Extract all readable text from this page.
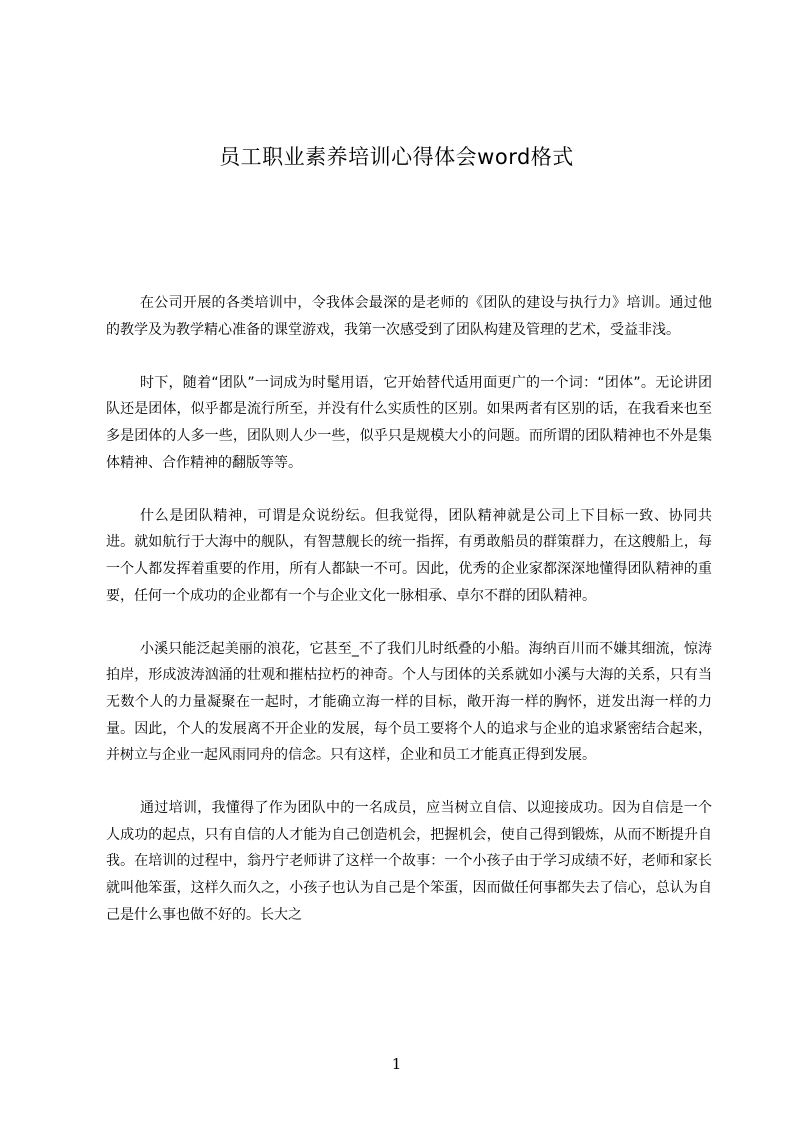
员工职业素养培训心得体会word格式

在公司开展的各类培训中，令我体会最深的是老师的《团队的建设与执行力》培训。通过他的教学及为教学精心准备的课堂游戏，我第一次感受到了团队构建及管理的艺术，受益非浅。

时下，随着“团队”一词成为时髦用语，它开始替代适用面更广的一个词：“团体”。无论讲团队还是团体，似乎都是流行所至，并没有什么实质性的区别。如果两者有区别的话，在我看来也至多是团体的人多一些，团队则人少一些，似乎只是规模大小的问题。而所谓的团队精神也不外是集体精神、合作精神的翻版等等。

什么是团队精神，可谓是众说纷纭。但我觉得，团队精神就是公司上下目标一致、协同共进。就如航行于大海中的舰队，有智慧舰长的统一指挥，有勇敢船员的群策群力，在这艘船上，每一个人都发挥着重要的作用，所有人都缺一不可。因此，优秀的企业家都深深地懂得团队精神的重要，任何一个成功的企业都有一个与企业文化一脉相承、卓尔不群的团队精神。

小溪只能泛起美丽的浪花，它甚至_不了我们儿时纸叠的小船。海纳百川而不嫌其细流，惊涛拍岸，形成波涛汹涌的壮观和摧枯拉朽的神奇。个人与团体的关系就如小溪与大海的关系，只有当无数个人的力量凝聚在一起时，才能确立海一样的目标，敞开海一样的胸怀，迸发出海一样的力量。因此，个人的发展离不开企业的发展，每个员工要将个人的追求与企业的追求紧密结合起来，并树立与企业一起风雨同舟的信念。只有这样，企业和员工才能真正得到发展。

通过培训，我懂得了作为团队中的一名成员，应当树立自信、以迎接成功。因为自信是一个人成功的起点，只有自信的人才能为自己创造机会，把握机会，使自己得到锻炼，从而不断提升自我。在培训的过程中，翁丹宁老师讲了这样一个故事：一个小孩子由于学习成绩不好，老师和家长就叫他笨蛋，这样久而久之，小孩子也认为自己是个笨蛋，因而做任何事都失去了信心，总认为自己是什么事也做不好的。长大之

1
